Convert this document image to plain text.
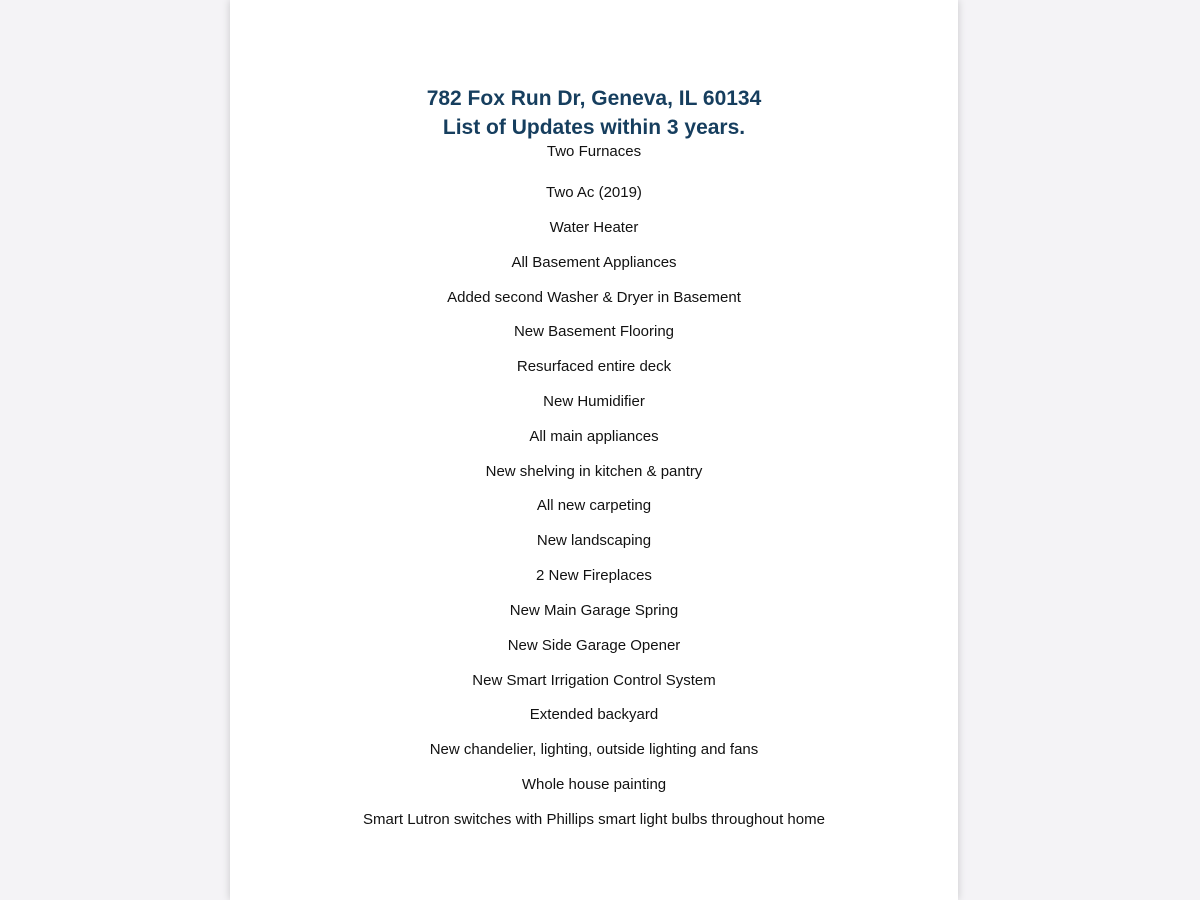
782 Fox Run Dr, Geneva, IL 60134
List of Updates within 3 years.
Two Furnaces
Two Ac (2019)
Water Heater
All Basement Appliances
Added second Washer & Dryer in Basement
New Basement Flooring
Resurfaced entire deck
New Humidifier
All main appliances
New shelving in kitchen & pantry
All new carpeting
New landscaping
2 New Fireplaces
New Main Garage Spring
New Side Garage Opener
New Smart Irrigation Control System
Extended backyard
New chandelier, lighting, outside lighting and fans
Whole house painting
Smart Lutron switches with Phillips smart light bulbs throughout home
